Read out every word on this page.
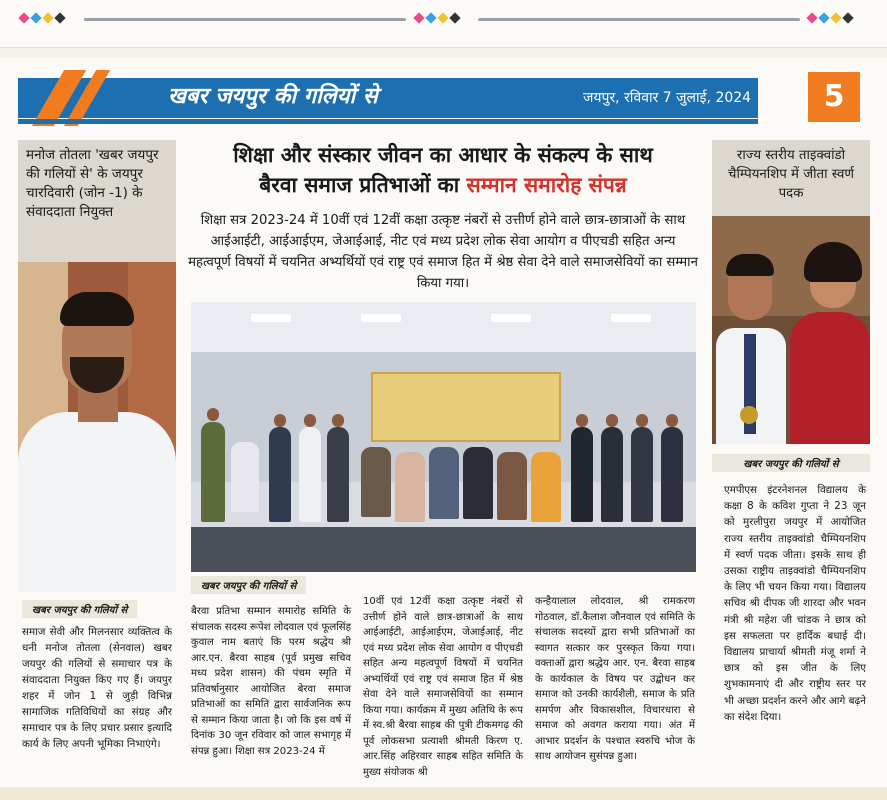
खबर जयपुर की गलियों से	जयपुर, रविवार 7 जुलाई, 2024	5
मनोज तोतला 'खबर जयपुर की गलियों से' के जयपुर चारदिवारी (जोन -1) के संवाददाता नियुक्त
खबर जयपुर की गलियों से
समाज सेवी और मिलनसार व्यक्तित्व के धनी मनोज तोतला (सेनवाल) खबर जयपुर की गलियों से समाचार पत्र के संवाददाता नियुक्त किए गए हैं। जयपुर शहर में जोन 1 से जुड़ी विभिन्न सामाजिक गतिविधियों का संग्रह और समाचार पत्र के लिए प्रचार प्रसार इत्यादि कार्य के लिए अपनी भूमिका निभाएंगे।
शिक्षा और संस्कार जीवन का आधार के संकल्प के साथ
बैरवा समाज प्रतिभाओं का सम्मान समारोह संपन्न
शिक्षा सत्र 2023-24 में 10वीं एवं 12वीं कक्षा उत्कृष्ट नंबरों से उत्तीर्ण होने वाले छात्र-छात्राओं के साथ आईआईटी, आईआईएम, जेआईआई, नीट एवं मध्य प्रदेश लोक सेवा आयोग व पीएचडी सहित अन्य महत्वपूर्ण विषयों में चयनित अभ्यर्थियों एवं राष्ट्र एवं समाज हित में श्रेष्ठ सेवा देने वाले समाजसेवियों का सम्मान किया गया।
खबर जयपुर की गलियों से

बैरवा प्रतिभा सम्मान समारोह समिति के संचालक सदस्य रूपेश लोदवाल एवं फूलसिंह कुवाल नाम बताएं कि परम श्रद्धेय श्री आर.एन. बैरवा साहब (पूर्व प्रमुख सचिव मध्य प्रदेश शासन) की पंचम स्मृति में प्रतिवर्षानुसार आयोजित बेरवा समाज प्रतिभाओं का समिति द्वारा सार्वजनिक रूप से सम्मान किया जाता है। जो कि इस वर्ष में दिनांक 30 जून रविवार को जाल सभागृह में संपन्न हुआ। शिक्षा सत्र 2023-24 में

10वीं एवं 12वीं कक्षा उत्कृष्ट नंबरों से उत्तीर्ण होने वाले छात्र-छात्राओं के साथ आईआईटी, आईआईएम, जेआईआई, नीट एवं मध्य प्रदेश लोक सेवा आयोग व पीएचडी सहित अन्य महत्वपूर्ण विषयों में चयनित अभ्यर्थियों एवं राष्ट्र एवं समाज हित में श्रेष्ठ सेवा देने वाले समाजसेवियों का सम्मान किया गया। कार्यक्रम में मुख्य अतिथि के रूप में स्व.श्री बैरवा साहब की पुत्री टीकमगढ़ की पूर्व लोकसभा प्रत्याशी श्रीमती किरण ए. आर.सिंह अहिरवार साहब सहित समिति के मुख्य संयोजक श्री

कन्हैयालाल लोदवाल, श्री रामकरण गोठवाल, डॉ.कैलाश जौनवाल एवं समिति के संचालक सदस्यों द्वारा सभी प्रतिभाओं का स्वागत सत्कार कर पुरस्कृत किया गया। वक्ताओं द्वारा श्रद्धेय आर. एन. बैरवा साहब के कार्यकाल के विषय पर उद्बोधन कर समाज को उनकी कार्यशैली, समाज के प्रति समर्पण और विकासशील, विचारधारा से समाज को अवगत कराया गया। अंत में आभार प्रदर्शन के पश्चात स्वरुचि भोज के साथ आयोजन सुसंपन्न हुआ।

राज्य स्तरीय ताइक्वांडो चैम्पियनशिप में जीता स्वर्ण पदक
खबर जयपुर की गलियों से
एमपीएस इंटरनेशनल विद्यालय के कक्षा 8 के कविश गुप्ता ने 23 जून को मुरलीपुरा जयपुर में आयोजित राज्य स्तरीय ताइक्वांडो चैम्पियनशिप में स्वर्ण पदक जीता। इसके साथ ही उसका राष्ट्रीय ताइक्वांडो चैम्पियनशिप के लिए भी चयन किया गया। विद्यालय सचिव श्री दीपक जी शारदा और भवन मंत्री श्री महेश जी चांडक ने छात्र को इस सफलता पर हार्दिक बधाई दी। विद्यालय प्राचार्या श्रीमती मंजू शर्मा ने छात्र को इस जीत के लिए शुभकामनाएं दी और राष्ट्रीय स्तर पर भी अच्छा प्रदर्शन करने और आगे बढ़ने का संदेश दिया।
